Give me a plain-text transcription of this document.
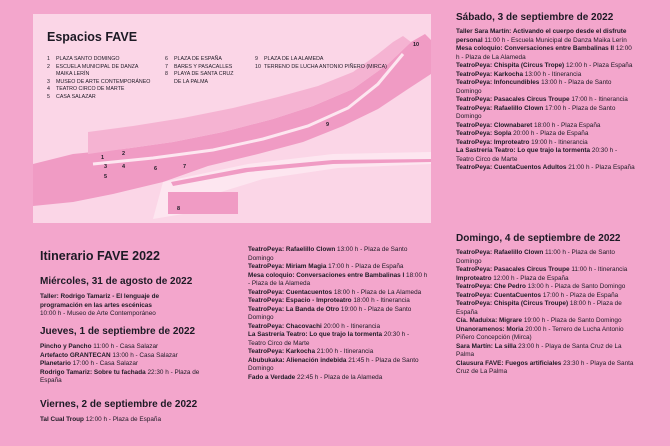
Espacios FAVE
1 PLAZA SANTO DOMINGO
2 ESCUELA MUNICIPAL DE DANZA
MAIKA LERÍN
3 MUSEO DE ARTE CONTEMPORÁNEO
4 TEATRO CIRCO DE MARTE
5 CASA SALAZAR
6 PLAZA DE ESPAÑA
7 BARES Y PASACALLES
8 PLAYA DE SANTA CRUZ
DE LA PALMA
9 PLAZA DE LA ALAMEDA
10 TERRENO DE LUCHA ANTONIO PIÑERO (MIRCA)
1
2
3	4
5
6	7
8
9
10
Itinerario FAVE 2022
Miércoles, 31 de agosto de 2022

Taller: Rodrigo Tamariz - El lenguaje de programación en las artes escénicas

10:00 h - Museo de Arte Contemporáneo

Jueves, 1 de septiembre de 2022

Pincho y Pancho 11:00 h - Casa Salazar

Artefacto GRANTECAN 13:00 h - Casa Salazar

Planetario 17:00 h - Casa Salazar

Rodrigo Tamariz: Sobre tu fachada 22:30 h - Plaza de España

Viernes, 2 de septiembre de 2022

Tal Cual Troup 12:00 h - Plaza de España

TeatroPeya: Rafaelillo Clown 13:00 h - Plaza de Santo Domingo

TeatroPeya: Miriam Magia 17:00 h - Plaza de España

Mesa coloquio: Conversaciones entre Bambalinas I 18:00 h - Plaza de la Alameda

TeatroPeya: Cuentacuentos 18:00 h - Plaza de La Alameda

TeatroPeya: Espacio - Improteatro 18:00 h - Itinerancia

TeatroPeya: La Banda de Otro 19:00 h - Plaza de Santo Domingo

TeatroPeya: Chacovachi 20:00 h - Itinerancia

La Sastrería Teatro: Lo que trajo la tormenta 20:30 h - Teatro Circo de Marte

TeatroPeya: Karkocha 21:00 h - Itinerancia

Abubukaka: Alienación indebida 21:45 h - Plaza de Santo Domingo

Fado a Verdade 22:45 h - Plaza de la Alameda

Sábado, 3 de septiembre de 2022

Taller Sara Martín: Activando el cuerpo desde el disfrute personal 11:00 h - Escuela Municipal de Danza Maika Lerín

Mesa coloquio: Conversaciones entre Bambalinas II 12:00 h - Plaza de La Alameda

TeatroPeya: Chispita (Circus Trope) 12:00 h - Plaza España

TeatroPeya: Karkocha 13:00 h - Itinerancia

TeatroPeya: Infoncundibles 13:00 h - Plaza de Santo Domingo

TeatroPeya: Pasacales Circus Troupe 17:00 h - Itinerancia

TeatroPeya: Rafaelillo Clown 17:00 h - Plaza de Santo Domingo

TeatroPeya: Clownabaret 18:00 h - Plaza España

TeatroPeya: Sopla 20:00 h - Plaza de España

TeatroPeya: Improteatro 19:00 h - Itinerancia

La Sastrería Teatro: Lo que trajo la tormenta 20:30 h - Teatro Circo de Marte

TeatroPeya: CuentaCuentos Adultos 21:00 h - Plaza España

Domingo, 4 de septiembre de 2022

TeatroPeya: Rafaelillo Clown 11:00 h - Plaza de Santo Domingo

TeatroPeya: Pasacales Circus Troupe 11:00 h - Itinerancia

Improteatro 12:00 h - Plaza de España

TeatroPeya: Che Pedro 13:00 h - Plaza de Santo Domingo

TeatroPeya: CuentaCuentos 17:00 h - Plaza de España

TeatroPeya: Chispita (Circus Troupe) 18:00 h - Plaza de España

Cía. Maduixa: Migrare 19:00 h - Plaza de Santo Domingo

Unanoramenos: Moria 20:00 h - Terrero de Lucha Antonio Piñero Concepción (Mirca)

Sara Martín: La silla 23:00 h - Playa de Santa Cruz de La Palma

Clausura FAVE: Fuegos artificiales 23:30 h - Playa de Santa Cruz de La Palma
